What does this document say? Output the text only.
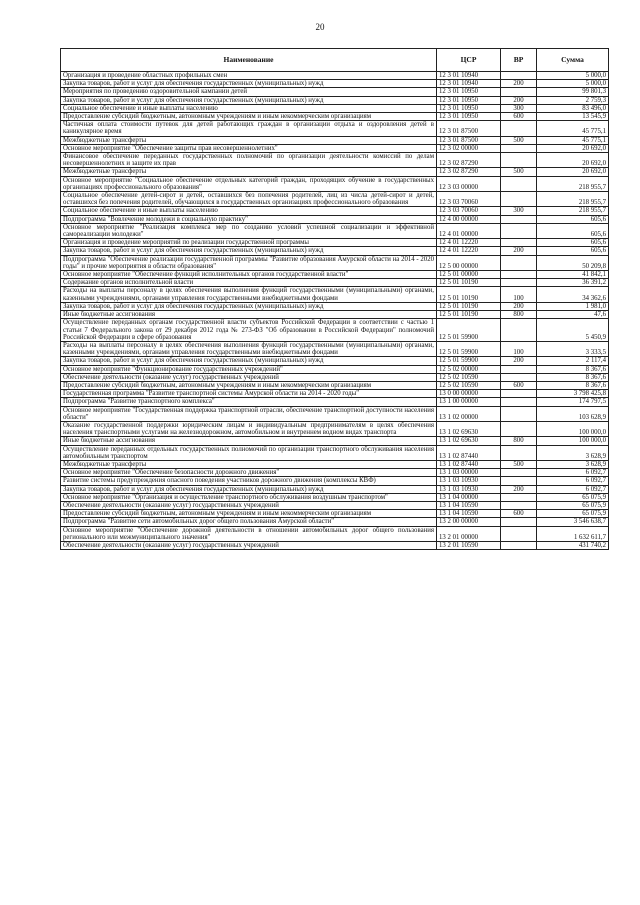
20
Наименование	ЦСР	ВР	Сумма
Организация и проведение областных профильных смен	12 3 01 10940		5 000,0
Закупка товаров, работ и услуг для обеспечения государственных (муниципальных) нужд	12 3 01 10940	200	5 000,0
Мероприятия по проведению оздоровительной кампании детей	12 3 01 10950		99 801,3
Закупка товаров, работ и услуг для обеспечения государственных (муниципальных) нужд	12 3 01 10950	200	2 759,3
Социальное обеспечение и иные выплаты населению	12 3 01 10950	300	83 496,0
Предоставление субсидий бюджетным, автономным учреждениям и иным некоммерческим организациям	12 3 01 10950	600	13 545,9
Частичная оплата стоимости путевок для детей работающих граждан в организации отдыха и оздоровления детей в каникулярное время	12 3 01 87500		45 775,1
Межбюджетные трансферты	12 3 01 87500	500	45 775,1
Основное мероприятие "Обеспечение защиты прав несовершеннолетних"	12 3 02 00000		20 692,0
Финансовое обеспечение переданных государственных полномочий по организации деятельности комиссий по делам несовершеннолетних и защите их прав	12 3 02 87290		20 692,0
Межбюджетные трансферты	12 3 02 87290	500	20 692,0
Основное мероприятие "Социальное обеспечение отдельных категорий граждан, проходящих обучение в государственных организациях профессионального образования"	12 3 03 00000		218 955,7
Социальное обеспечение детей-сирот и детей, оставшихся без попечения родителей, лиц из числа детей-сирот и детей, оставшихся без попечения родителей, обучающихся в государственных организациях профессионального образования	12 3 03 70060		218 955,7
Социальное обеспечение и иные выплаты населению	12 3 03 70060	300	218 955,7
Подпрограмма "Вовлечение молодежи в социальную практику"	12 4 00 00000		605,6
Основное мероприятие "Реализация комплекса мер по созданию условий успешной социализации и эффективной самореализации молодежи"	12 4 01 00000		605,6
Организация и проведение мероприятий по реализации государственной программы	12 4 01 12220		605,6
Закупка товаров, работ и услуг для обеспечения государственных (муниципальных) нужд	12 4 01 12220	200	605,6
Подпрограмма "Обеспечение реализации государственной программы "Развитие образования Амурской области на 2014 - 2020 годы" и прочие мероприятия в области образования"	12 5 00 00000		50 209,8
Основное мероприятие "Обеспечение функций исполнительных органов государственной власти"	12 5 01 00000		41 842,1
Содержание органов исполнительной власти	12 5 01 10190		36 391,2
Расходы на выплаты персоналу в целях обеспечения выполнения функций государственными (муниципальными) органами, казенными учреждениями, органами управления государственными внебюджетными фондами	12 5 01 10190	100	34 362,6
Закупка товаров, работ и услуг для обеспечения государственных (муниципальных) нужд	12 5 01 10190	200	1 981,0
Иные бюджетные ассигнования	12 5 01 10190	800	47,6
Осуществление переданных органам государственной власти субъектов Российской Федерации в соответствии с частью 1 статьи 7 Федерального закона от 29 декабря 2012 года № 273-ФЗ "Об образовании в Российской Федерации" полномочий Российской Федерации в сфере образования	12 5 01 59900		5 450,9
Расходы на выплаты персоналу в целях обеспечения выполнения функций государственными (муниципальными) органами, казенными учреждениями, органами управления государственными внебюджетными фондами	12 5 01 59900	100	3 333,5
Закупка товаров, работ и услуг для обеспечения государственных (муниципальных) нужд	12 5 01 59900	200	2 117,4
Основное мероприятие "Функционирование государственных учреждений"	12 5 02 00000		8 367,6
Обеспечение деятельности (оказание услуг) государственных учреждений	12 5 02 10590		8 367,6
Предоставление субсидий бюджетным, автономным учреждениям и иным некоммерческим организациям	12 5 02 10590	600	8 367,6
Государственная программа "Развитие транспортной системы Амурской области на 2014 - 2020 годы"	13 0 00 00000		3 798 425,8
Подпрограмма "Развитие транспортного комплекса"	13 1 00 00000		174 797,5
Основное мероприятие "Государственная поддержка транспортной отрасли, обеспечение транспортной доступности населения области"	13 1 02 00000		103 628,9
Оказание государственной поддержки юридическим лицам и индивидуальным предпринимателям в целях обеспечения населения транспортными услугами на железнодорожном, автомобильном и внутреннем водном видах транспорта	13 1 02 69630		100 000,0
Иные бюджетные ассигнования	13 1 02 69630	800	100 000,0
Осуществление переданных отдельных государственных полномочий по организации транспортного обслуживания населения автомобильным транспортом	13 1 02 87440		3 628,9
Межбюджетные трансферты	13 1 02 87440	500	3 628,9
Основное мероприятие "Обеспечение безопасности дорожного движения"	13 1 03 00000		6 092,7
Развитие системы предупреждения опасного поведения участников дорожного движения (комплексы КВФ)	13 1 03 10930		6 092,7
Закупка товаров, работ и услуг для обеспечения государственных (муниципальных) нужд	13 1 03 10930	200	6 092,7
Основное мероприятие "Организация и осуществление транспортного обслуживания воздушным транспортом"	13 1 04 00000		65 075,9
Обеспечение деятельности (оказание услуг) государственных учреждений	13 1 04 10590		65 075,9
Предоставление субсидий бюджетным, автономным учреждениям и иным некоммерческим организациям	13 1 04 10590	600	65 075,9
Подпрограмма "Развитие сети автомобильных дорог общего пользования Амурской области"	13 2 00 00000		3 546 638,7
Основное мероприятие "Обеспечение дорожной деятельности в отношении автомобильных дорог общего пользования регионального или межмуниципального значения"	13 2 01 00000		1 632 611,7
Обеспечение деятельности (оказание услуг) государственных учреждений	13 2 01 10590		431 740,2
